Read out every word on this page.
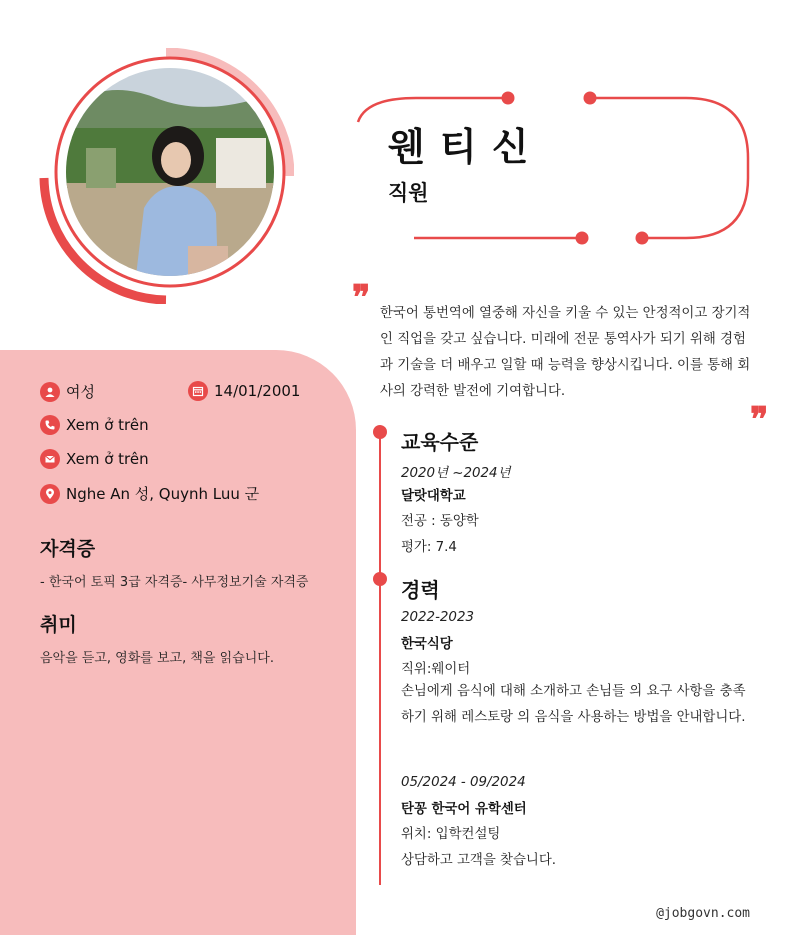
웬 티 신
직원
❞ 한국어 통번역에 열중해 자신을 키울 수 있는 안정적이고 장기적인 직업을 갖고 싶습니다. 미래에 전문 통역사가 되기 위해 경험과 기술을 더 배우고 일할 때 능력을 향상시킵니다. 이를 통해 회사의 강력한 발전에 기여합니다.
❞
여성	14/01/2001
Xem ở trên
Xem ở trên
Nghe An 성, Quynh Luu 군
자격증
- 한국어 토픽 3급 자격증- 사무정보기술 자격증
취미
음악을 듣고, 영화를 보고, 책을 읽습니다.
교육수준
2020년 ~2024년
달랏대학교
전공 : 동양학
평가: 7.4
경력
2022-2023
한국식당
직위:웨이터
손님에게 음식에 대해 소개하고 손님들 의 요구 사항을 충족하기 위해 레스토랑 의 음식을 사용하는 방법을 안내합니다.
05/2024 - 09/2024
탄꽁 한국어 유학센터
위치: 입학컨설팅
상담하고 고객을 찾습니다.
@jobgovn.com
